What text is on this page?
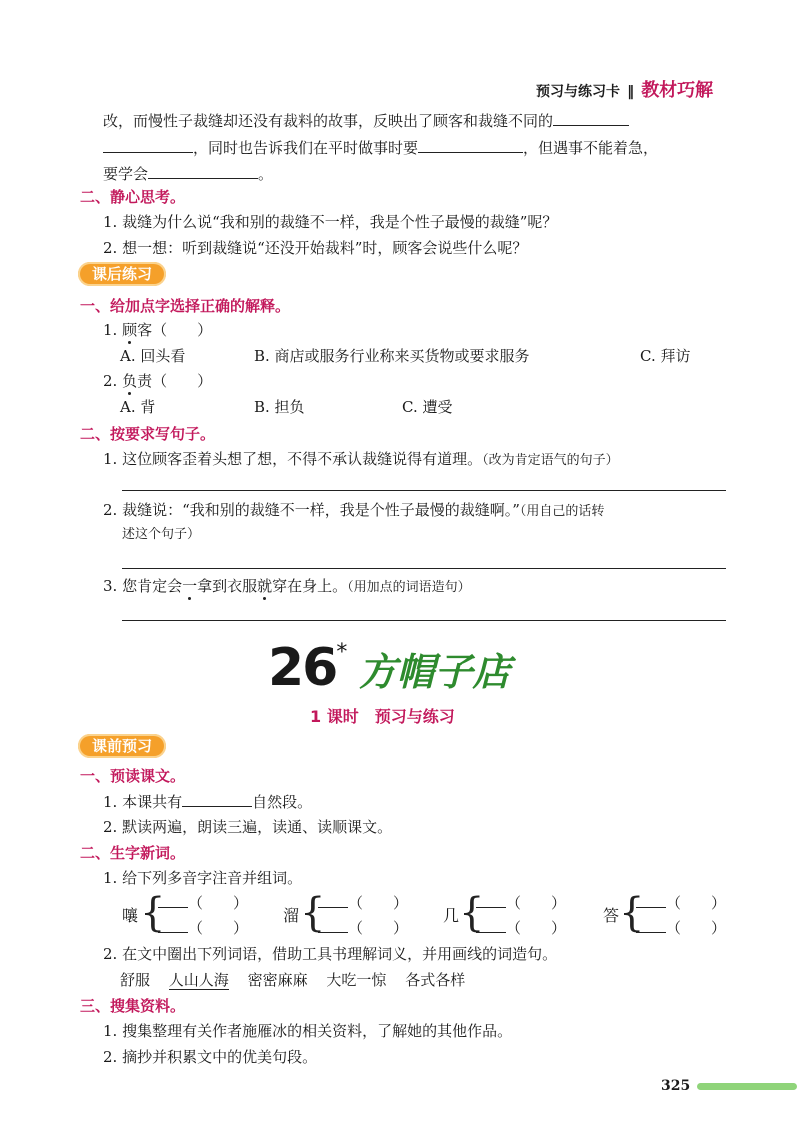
预习与练习卡 ‖ 教材巧解
改，而慢性子裁缝却还没有裁料的故事，反映出了顾客和裁缝不同的
，同时也告诉我们在平时做事时要	，但遇事不能着急，
要学会	。
二、静心思考。
1. 裁缝为什么说“我和别的裁缝不一样，我是个性子最慢的裁缝”呢？
2. 想一想：听到裁缝说“还没开始裁料”时，顾客会说些什么呢？
课后练习
一、给加点字选择正确的解释。
1. 顾客（　　）
A. 回头看	B. 商店或服务行业称来买货物或要求服务	C. 拜访
2. 负责（　　）
A. 背	B. 担负	C. 遭受
二、按要求写句子。
1. 这位顾客歪着头想了想，不得不承认裁缝说得有道理。（改为肯定语气的句子）
2. 裁缝说：“我和别的裁缝不一样，我是个性子最慢的裁缝啊。”（用自己的话转
述这个句子）
3. 您肯定会一拿到衣服就穿在身上。（用加点的词语造句）
26* 方帽子店
1 课时　预习与练习
课前预习
一、预读课文。
1. 本课共有	自然段。
2. 默读两遍，朗读三遍，读通、读顺课文。
二、生字新词。
1. 给下列多音字注音并组词。
嚷 {	（　　）
（　　）
溜 {	（　　）
（　　）
几 {	（　　）
（　　）
答 {	（　　）
（　　）
2. 在文中圈出下列词语，借助工具书理解词义，并用画线的词造句。
舒服 人山人海 密密麻麻 大吃一惊 各式各样
三、搜集资料。
1. 搜集整理有关作者施雁冰的相关资料，了解她的其他作品。
2. 摘抄并积累文中的优美句段。
325
